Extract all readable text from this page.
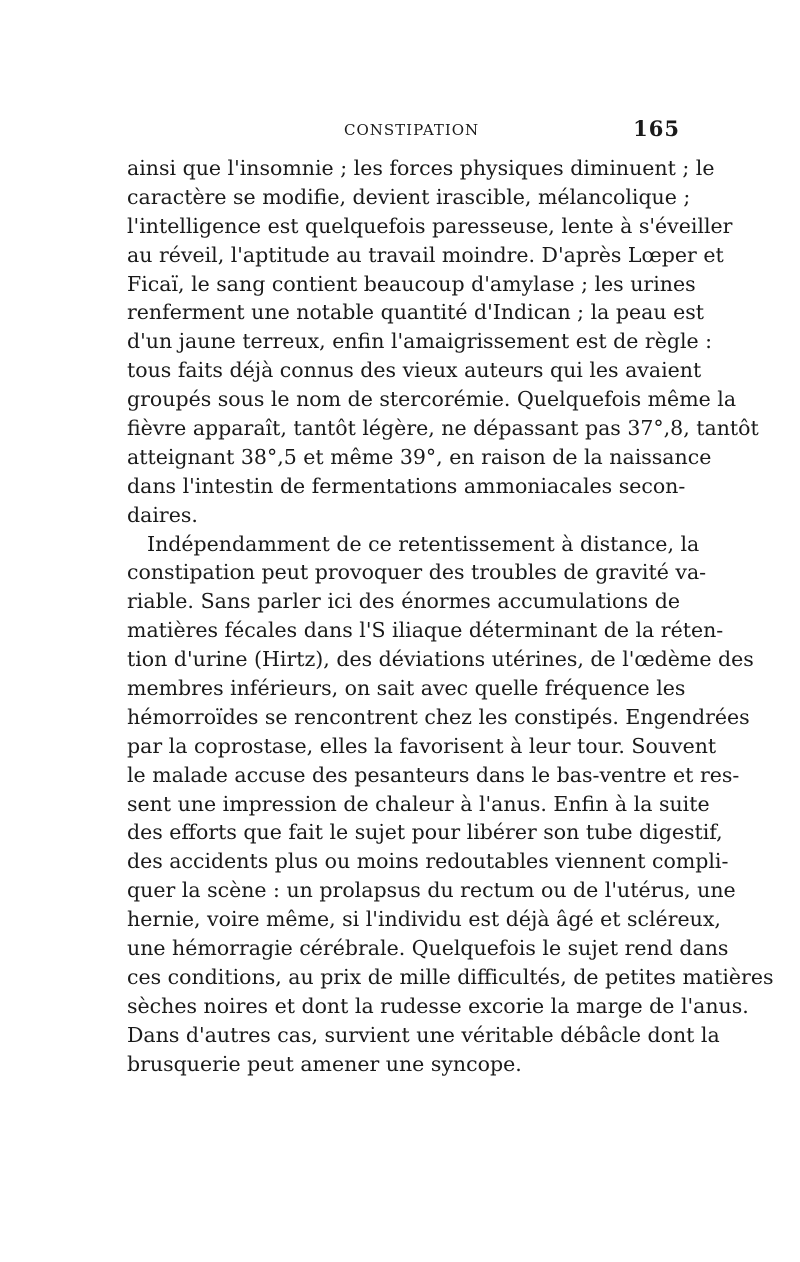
CONSTIPATION	165

ainsi que l'insomnie ; les forces physiques diminuent ; le
caractère se modifie, devient irascible, mélancolique ;
l'intelligence est quelquefois paresseuse, lente à s'éveiller
au réveil, l'aptitude au travail moindre. D'après Lœper et
Ficaï, le sang contient beaucoup d'amylase ; les urines
renferment une notable quantité d'Indican ; la peau est
d'un jaune terreux, enfin l'amaigrissement est de règle :
tous faits déjà connus des vieux auteurs qui les avaient
groupés sous le nom de stercorémie. Quelquefois même la
fièvre apparaît, tantôt légère, ne dépassant pas 37°,8, tantôt
atteignant 38°,5 et même 39°, en raison de la naissance
dans l'intestin de fermentations ammoniacales secon-
daires.

Indépendamment de ce retentissement à distance, la
constipation peut provoquer des troubles de gravité va-
riable. Sans parler ici des énormes accumulations de
matières fécales dans l'S iliaque déterminant de la réten-
tion d'urine (Hirtz), des déviations utérines, de l'œdème des
membres inférieurs, on sait avec quelle fréquence les
hémorroïdes se rencontrent chez les constipés. Engendrées
par la coprostase, elles la favorisent à leur tour. Souvent
le malade accuse des pesanteurs dans le bas-ventre et res-
sent une impression de chaleur à l'anus. Enfin à la suite
des efforts que fait le sujet pour libérer son tube digestif,
des accidents plus ou moins redoutables viennent compli-
quer la scène : un prolapsus du rectum ou de l'utérus, une
hernie, voire même, si l'individu est déjà âgé et scléreux,
une hémorragie cérébrale. Quelquefois le sujet rend dans
ces conditions, au prix de mille difficultés, de petites matières
sèches noires et dont la rudesse excorie la marge de l'anus.
Dans d'autres cas, survient une véritable débâcle dont la
brusquerie peut amener une syncope.
